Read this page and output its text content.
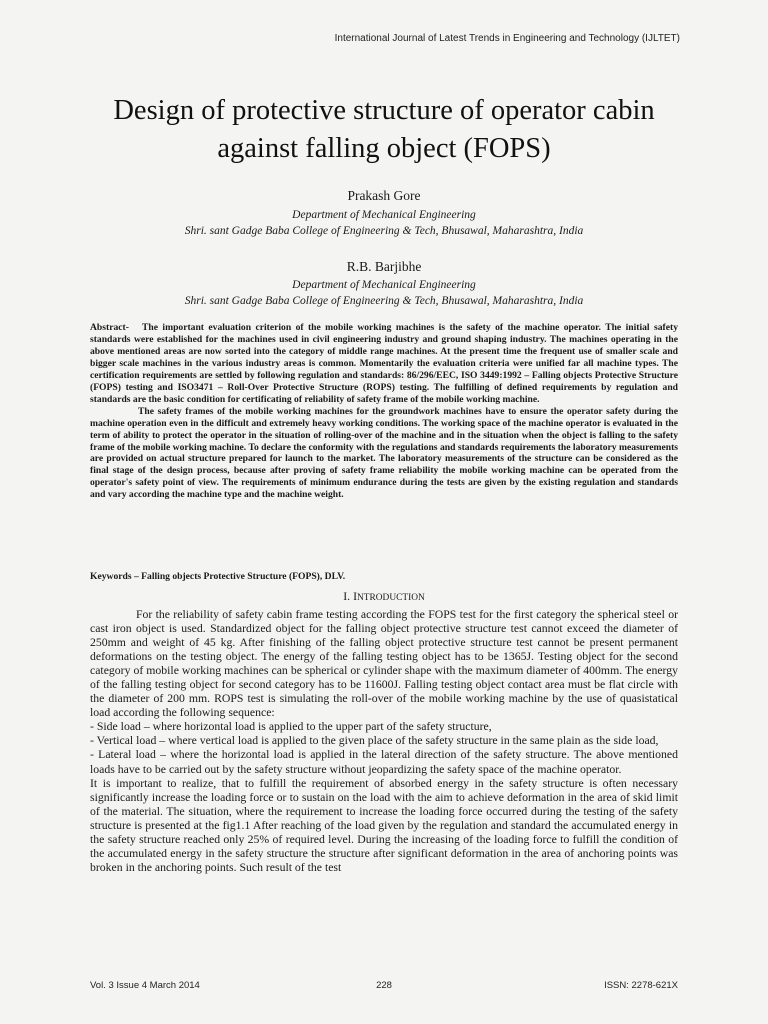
International Journal of Latest Trends in Engineering and Technology (IJLTET)
Design of protective structure of operator cabin
against falling object (FOPS)
Prakash Gore
Department of Mechanical Engineering
Shri. sant Gadge Baba College of Engineering & Tech, Bhusawal, Maharashtra, India
R.B. Barjibhe
Department of Mechanical Engineering
Shri. sant Gadge Baba College of Engineering & Tech, Bhusawal, Maharashtra, India

Abstract- The important evaluation criterion of the mobile working machines is the safety of the machine operator. The initial safety standards were established for the machines used in civil engineering industry and ground shaping industry. The machines operating in the above mentioned areas are now sorted into the category of middle range machines. At the present time the frequent use of smaller scale and bigger scale machines in the various industry areas is common. Momentarily the evaluation criteria were unified far all machine types. The certification requirements are settled by following regulation and standards: 86/296/EEC, ISO 3449:1992 – Falling objects Protective Structure (FOPS) testing and ISO3471 – Roll-Over Protective Structure (ROPS) testing. The fulfilling of defined requirements by regulation and standards are the basic condition for certificating of reliability of safety frame of the mobile working machine.

The safety frames of the mobile working machines for the groundwork machines have to ensure the operator safety during the machine operation even in the difficult and extremely heavy working conditions. The working space of the machine operator is evaluated in the term of ability to protect the operator in the situation of rolling-over of the machine and in the situation when the object is falling to the safety frame of the mobile working machine. To declare the conformity with the regulations and standards requirements the laboratory measurements are provided on actual structure prepared for launch to the market. The laboratory measurements of the structure can be considered as the final stage of the design process, because after proving of safety frame reliability the mobile working machine can be operated from the operator's safety point of view. The requirements of minimum endurance during the tests are given by the existing regulation and standards and vary according the machine type and the machine weight.

Keywords – Falling objects Protective Structure (FOPS), DLV.
I. INTRODUCTION

For the reliability of safety cabin frame testing according the FOPS test for the first category the spherical steel or cast iron object is used. Standardized object for the falling object protective structure test cannot exceed the diameter of 250mm and weight of 45 kg. After finishing of the falling object protective structure test cannot be present permanent deformations on the testing object. The energy of the falling testing object has to be 1365J. Testing object for the second category of mobile working machines can be spherical or cylinder shape with the maximum diameter of 400mm. The energy of the falling testing object for second category has to be 11600J. Falling testing object contact area must be flat circle with the diameter of 200 mm. ROPS test is simulating the roll-over of the mobile working machine by the use of quasistatical load according the following sequence:

- Side load – where horizontal load is applied to the upper part of the safety structure,

- Vertical load – where vertical load is applied to the given place of the safety structure in the same plain as the side load,

- Lateral load – where the horizontal load is applied in the lateral direction of the safety structure. The above mentioned loads have to be carried out by the safety structure without jeopardizing the safety space of the machine operator.

It is important to realize, that to fulfill the requirement of absorbed energy in the safety structure is often necessary significantly increase the loading force or to sustain on the load with the aim to achieve deformation in the area of skid limit of the material. The situation, where the requirement to increase the loading force occurred during the testing of the safety structure is presented at the fig1.1 After reaching of the load given by the regulation and standard the accumulated energy in the safety structure reached only 25% of required level. During the increasing of the loading force to fulfill the condition of the accumulated energy in the safety structure the structure after significant deformation in the area of anchoring points was broken in the anchoring points. Such result of the test

Vol. 3 Issue 4 March 2014	228	ISSN: 2278-621X
